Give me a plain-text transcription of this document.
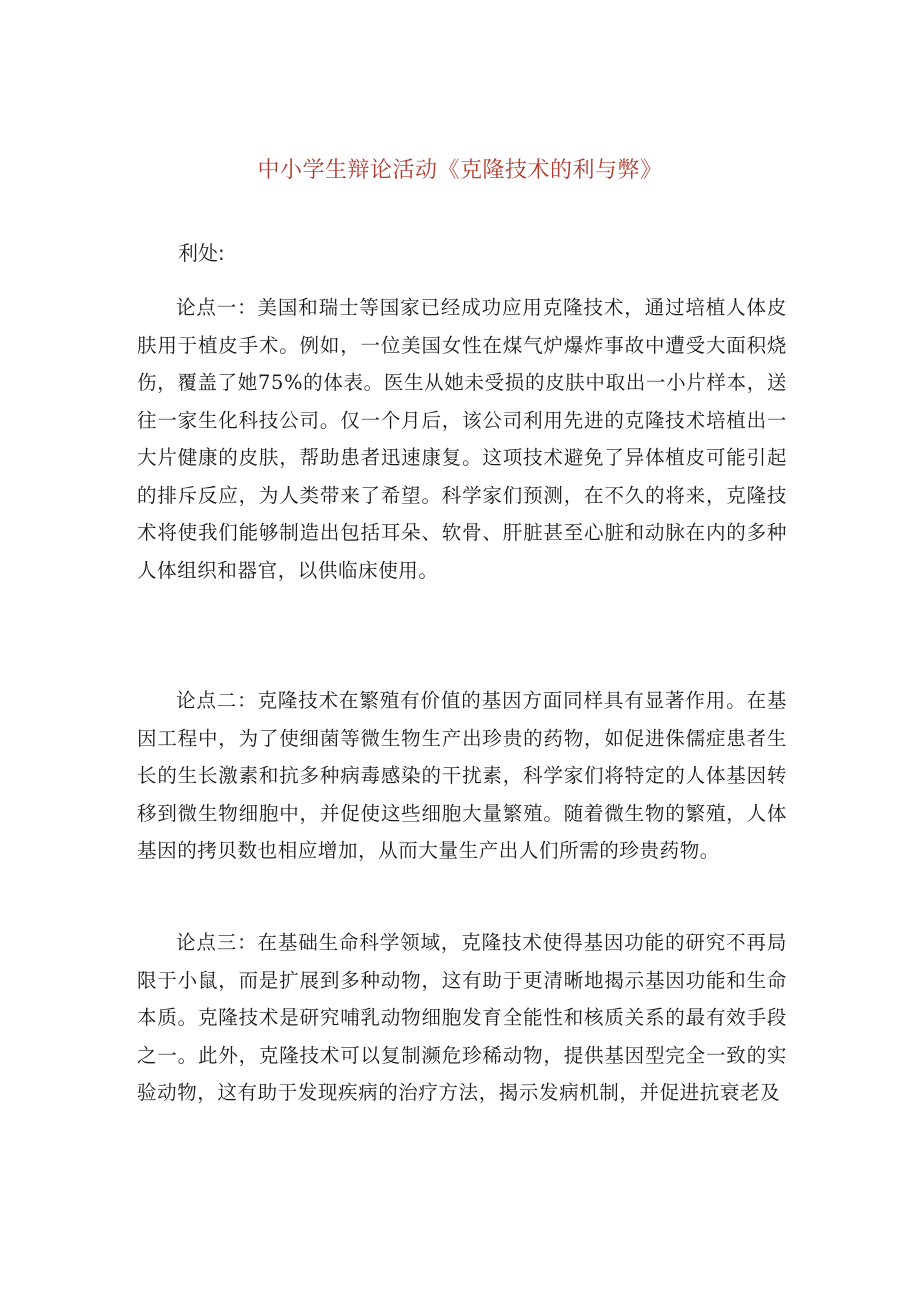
中小学生辩论活动《克隆技术的利与弊》

利处:

论点一：美国和瑞士等国家已经成功应用克隆技术，通过培植人体皮肤用于植皮手术。例如，一位美国女性在煤气炉爆炸事故中遭受大面积烧伤，覆盖了她75%的体表。医生从她未受损的皮肤中取出一小片样本，送往一家生化科技公司。仅一个月后，该公司利用先进的克隆技术培植出一大片健康的皮肤，帮助患者迅速康复。这项技术避免了异体植皮可能引起的排斥反应，为人类带来了希望。科学家们预测，在不久的将来，克隆技术将使我们能够制造出包括耳朵、软骨、肝脏甚至心脏和动脉在内的多种人体组织和器官，以供临床使用。

论点二：克隆技术在繁殖有价值的基因方面同样具有显著作用。在基因工程中，为了使细菌等微生物生产出珍贵的药物，如促进侏儒症患者生长的生长激素和抗多种病毒感染的干扰素，科学家们将特定的人体基因转移到微生物细胞中，并促使这些细胞大量繁殖。随着微生物的繁殖，人体基因的拷贝数也相应增加，从而大量生产出人们所需的珍贵药物。

论点三：在基础生命科学领域，克隆技术使得基因功能的研究不再局限于小鼠，而是扩展到多种动物，这有助于更清晰地揭示基因功能和生命本质。克隆技术是研究哺乳动物细胞发育全能性和核质关系的最有效手段之一。此外，克隆技术可以复制濒危珍稀动物，提供基因型完全一致的实验动物，这有助于发现疾病的治疗方法，揭示发病机制，并促进抗衰老及
